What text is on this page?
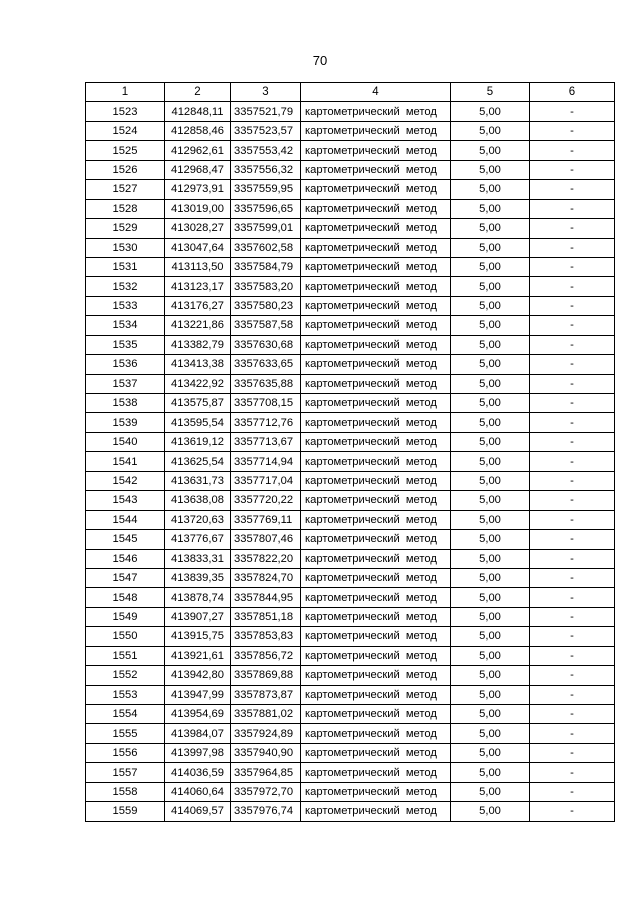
70
1	2	3	4	5	6
1523	412848,11	3357521,79	картометрический метод	5,00	-
1524	412858,46	3357523,57	картометрический метод	5,00	-
1525	412962,61	3357553,42	картометрический метод	5,00	-
1526	412968,47	3357556,32	картометрический метод	5,00	-
1527	412973,91	3357559,95	картометрический метод	5,00	-
1528	413019,00	3357596,65	картометрический метод	5,00	-
1529	413028,27	3357599,01	картометрический метод	5,00	-
1530	413047,64	3357602,58	картометрический метод	5,00	-
1531	413113,50	3357584,79	картометрический метод	5,00	-
1532	413123,17	3357583,20	картометрический метод	5,00	-
1533	413176,27	3357580,23	картометрический метод	5,00	-
1534	413221,86	3357587,58	картометрический метод	5,00	-
1535	413382,79	3357630,68	картометрический метод	5,00	-
1536	413413,38	3357633,65	картометрический метод	5,00	-
1537	413422,92	3357635,88	картометрический метод	5,00	-
1538	413575,87	3357708,15	картометрический метод	5,00	-
1539	413595,54	3357712,76	картометрический метод	5,00	-
1540	413619,12	3357713,67	картометрический метод	5,00	-
1541	413625,54	3357714,94	картометрический метод	5,00	-
1542	413631,73	3357717,04	картометрический метод	5,00	-
1543	413638,08	3357720,22	картометрический метод	5,00	-
1544	413720,63	3357769,11	картометрический метод	5,00	-
1545	413776,67	3357807,46	картометрический метод	5,00	-
1546	413833,31	3357822,20	картометрический метод	5,00	-
1547	413839,35	3357824,70	картометрический метод	5,00	-
1548	413878,74	3357844,95	картометрический метод	5,00	-
1549	413907,27	3357851,18	картометрический метод	5,00	-
1550	413915,75	3357853,83	картометрический метод	5,00	-
1551	413921,61	3357856,72	картометрический метод	5,00	-
1552	413942,80	3357869,88	картометрический метод	5,00	-
1553	413947,99	3357873,87	картометрический метод	5,00	-
1554	413954,69	3357881,02	картометрический метод	5,00	-
1555	413984,07	3357924,89	картометрический метод	5,00	-
1556	413997,98	3357940,90	картометрический метод	5,00	-
1557	414036,59	3357964,85	картометрический метод	5,00	-
1558	414060,64	3357972,70	картометрический метод	5,00	-
1559	414069,57	3357976,74	картометрический метод	5,00	-
